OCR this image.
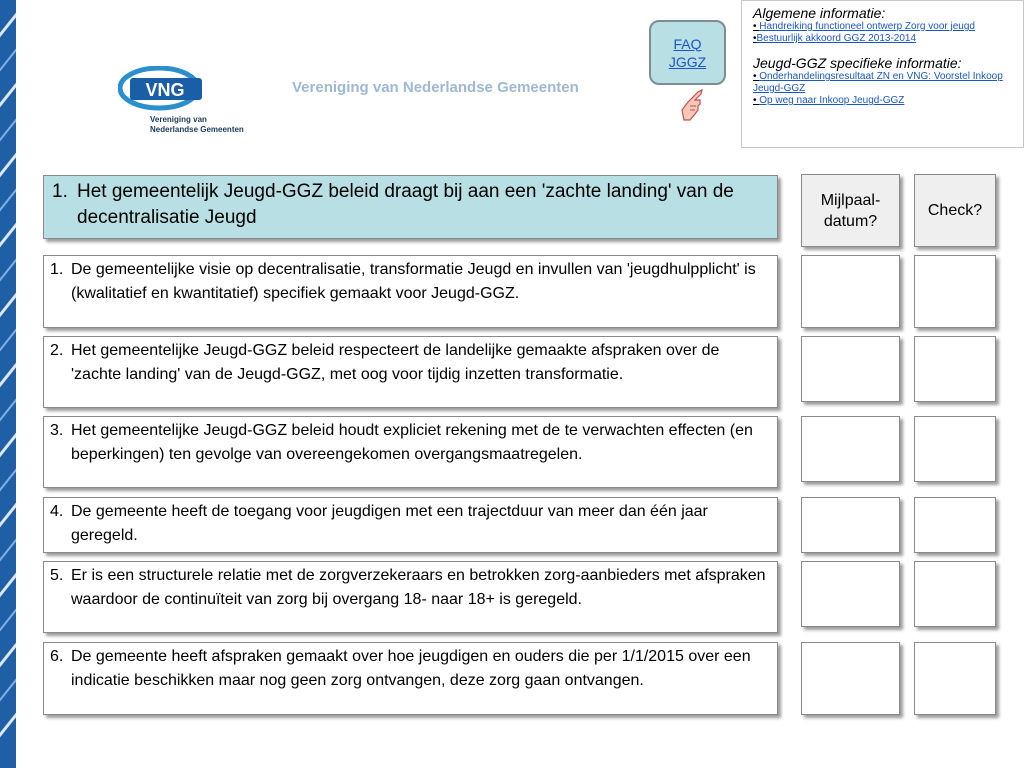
VNG
Vereniging van
Nederlandse Gemeenten
Vereniging van Nederlandse Gemeenten
FAQ
JGGZ
Algemene informatie:
• Handreiking functioneel ontwerp Zorg voor jeugd
•Bestuurlijk akkoord GGZ 2013-2014
Jeugd-GGZ specifieke informatie:
• Onderhandelingsresultaat ZN en VNG: Voorstel Inkoop Jeugd-GGZ
• Op weg naar Inkoop Jeugd-GGZ
1. Het gemeentelijk Jeugd-GGZ beleid draagt bij aan een 'zachte landing' van de decentralisatie Jeugd
Mijlpaal-datum?
Check?
1. De gemeentelijke visie op decentralisatie, transformatie Jeugd en invullen van 'jeugdhulpplicht' is (kwalitatief en kwantitatief) specifiek gemaakt voor Jeugd-GGZ.
2. Het gemeentelijke Jeugd-GGZ beleid respecteert de landelijke gemaakte afspraken over de 'zachte landing' van de Jeugd-GGZ, met oog voor tijdig inzetten transformatie.
3. Het gemeentelijke Jeugd-GGZ beleid houdt expliciet rekening met de te verwachten effecten (en beperkingen) ten gevolge van overeengekomen overgangsmaatregelen.
4. De gemeente heeft de toegang voor jeugdigen met een trajectduur van meer dan één jaar geregeld.
5. Er is een structurele relatie met de zorgverzekeraars en betrokken zorg-aanbieders met afspraken waardoor de continuïteit van zorg bij overgang 18- naar 18+ is geregeld.
6. De gemeente heeft afspraken gemaakt over hoe jeugdigen en ouders die per 1/1/2015 over een indicatie beschikken maar nog geen zorg ontvangen, deze zorg gaan ontvangen.
